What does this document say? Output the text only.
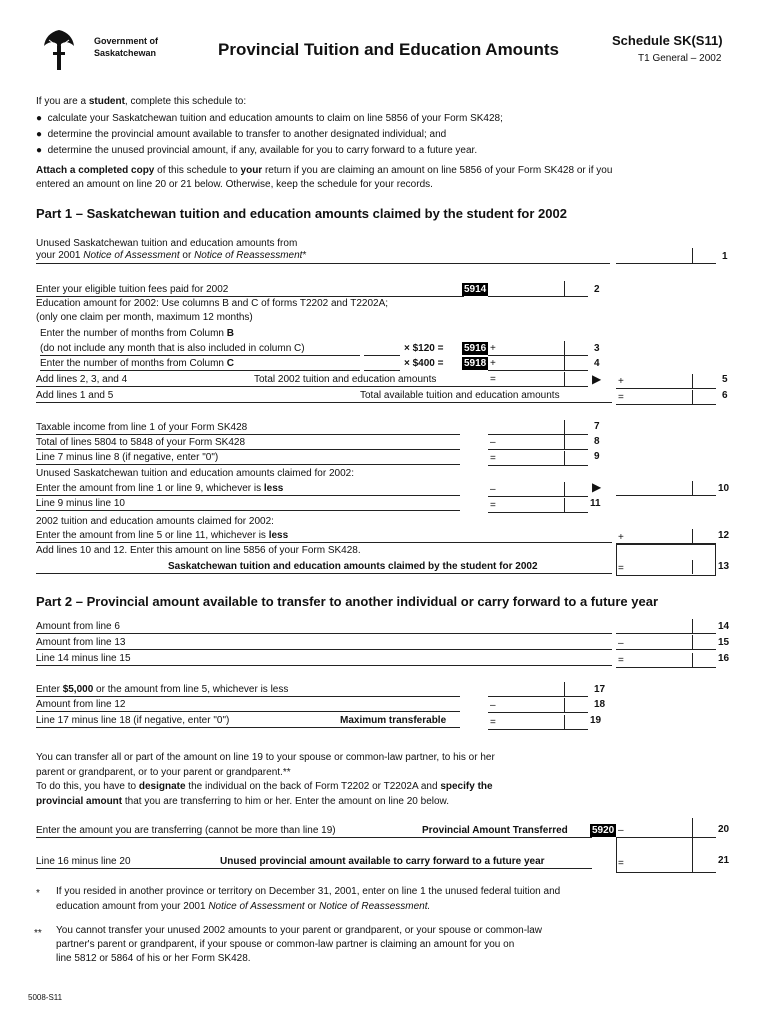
Government of
Saskatchewan	Provincial Tuition and Education Amounts	Schedule SK(S11)
T1 General – 2002
If you are a student, complete this schedule to:
●  calculate your Saskatchewan tuition and education amounts to claim on line 5856 of your Form SK428;
●  determine the provincial amount available to transfer to another designated individual; and
●  determine the unused provincial amount, if any, available for you to carry forward to a future year.
Attach a completed copy of this schedule to your return if you are claiming an amount on line 5856 of your Form SK428 or if you
entered an amount on line 20 or 21 below. Otherwise, keep the schedule for your records.
Part 1 – Saskatchewan tuition and education amounts claimed by the student for 2002
Unused Saskatchewan tuition and education amounts from
your 2001 Notice of Assessment or Notice of Reassessment*	1
Enter your eligible tuition fees paid for 2002	5914	2
Education amount for 2002: Use columns B and C of forms T2202 and T2202A;
(only one claim per month, maximum 12 months)
Enter the number of months from Column B
(do not include any month that is also included in column C)	× $120 = 5916 +	3
Enter the number of months from Column C	× $400 = 5918 +	4
Add lines 2, 3, and 4	Total 2002 tuition and education amounts	=	▶ +	5
Add lines 1 and 5	Total available tuition and education amounts	=	6
Taxable income from line 1 of your Form SK428	7
Total of lines 5804 to 5848 of your Form SK428	–	8
Line 7 minus line 8 (if negative, enter "0")	=	9
Unused Saskatchewan tuition and education amounts claimed for 2002:
Enter the amount from line 1 or line 9, whichever is less	–	▶	10
Line 9 minus line 10	=	11
2002 tuition and education amounts claimed for 2002:
Enter the amount from line 5 or line 11, whichever is less	+	12
Add lines 10 and 12. Enter this amount on line 5856 of your Form SK428.
Saskatchewan tuition and education amounts claimed by the student for 2002	=	13
Part 2 – Provincial amount available to transfer to another individual or carry forward to a future year
Amount from line 6	14
Amount from line 13	–	15
Line 14 minus line 15	=	16
Enter $5,000 or the amount from line 5, whichever is less	17
Amount from line 12	–	18
Line 17 minus line 18 (if negative, enter "0")	Maximum transferable	=	19
You can transfer all or part of the amount on line 19 to your spouse or common-law partner, to his or her
parent or grandparent, or to your parent or grandparent.**
To do this, you have to designate the individual on the back of Form T2202 or T2202A and specify the
provincial amount that you are transferring to him or her. Enter the amount on line 20 below.
Enter the amount you are transferring (cannot be more than line 19)	Provincial Amount Transferred 5920 –	20
Line 16 minus line 20	Unused provincial amount available to carry forward to a future year	=	21
* If you resided in another province or territory on December 31, 2001, enter on line 1 the unused federal tuition and
education amount from your 2001 Notice of Assessment or Notice of Reassessment.
** You cannot transfer your unused 2002 amounts to your parent or grandparent, or your spouse or common-law
partner's parent or grandparent, if your spouse or common-law partner is claiming an amount for you on
line 5812 or 5864 of his or her Form SK428.
5008-S11
